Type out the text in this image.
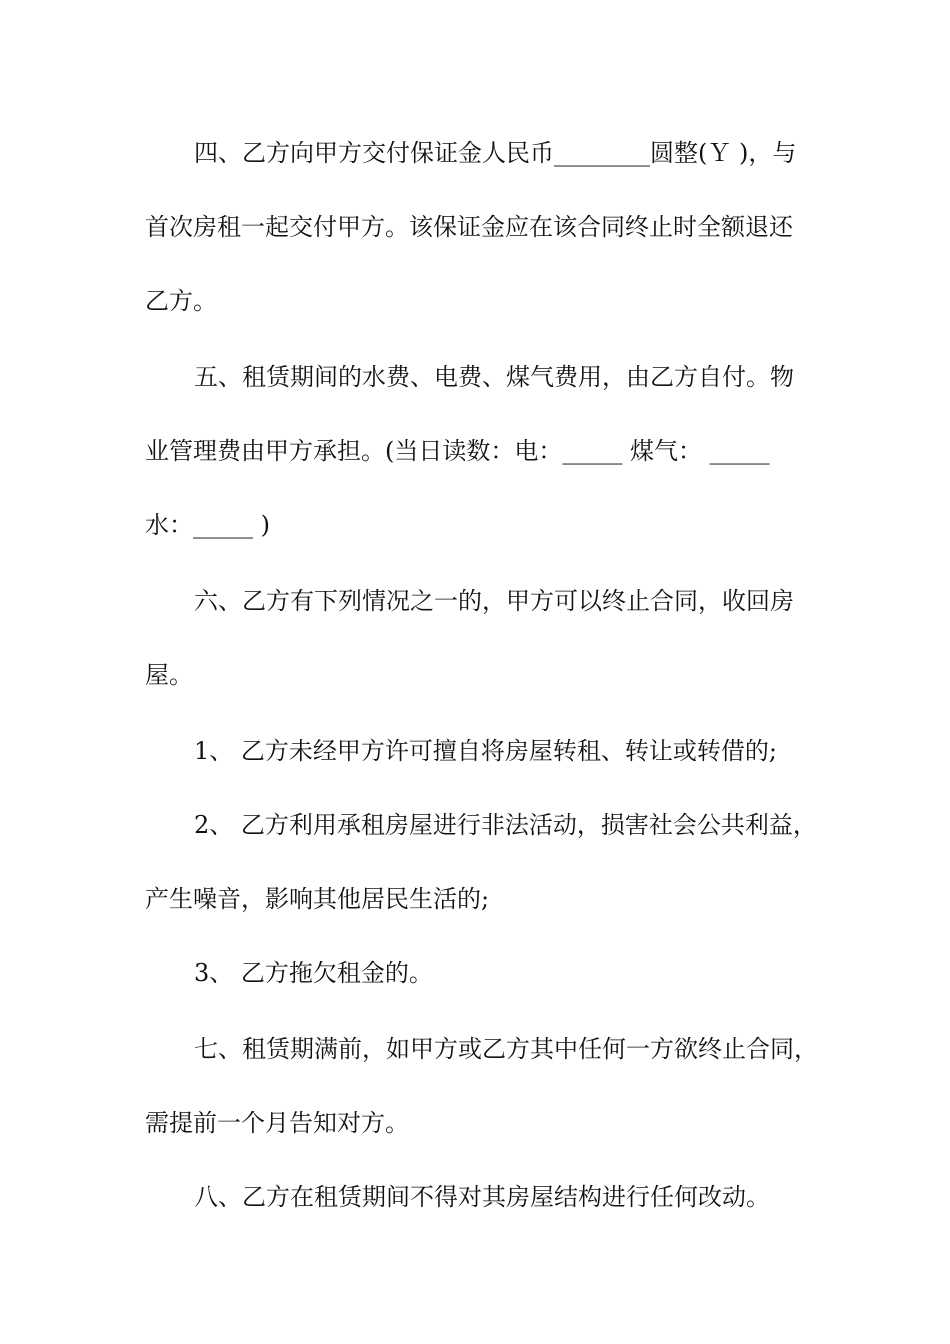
四、乙方向甲方交付保证金人民币________圆整(Ｙ )，与
首次房租一起交付甲方。该保证金应在该合同终止时全额退还
乙方。
五、租赁期间的水费、电费、煤气费用，由乙方自付。物
业管理费由甲方承担。(当日读数：电：_____ 煤气： _____
水：_____ )
六、乙方有下列情况之一的，甲方可以终止合同，收回房
屋。
1、 乙方未经甲方许可擅自将房屋转租、转让或转借的;
2、 乙方利用承租房屋进行非法活动，损害社会公共利益，
产生噪音，影响其他居民生活的;
3、 乙方拖欠租金的。
七、租赁期满前，如甲方或乙方其中任何一方欲终止合同，
需提前一个月告知对方。
八、乙方在租赁期间不得对其房屋结构进行任何改动。
